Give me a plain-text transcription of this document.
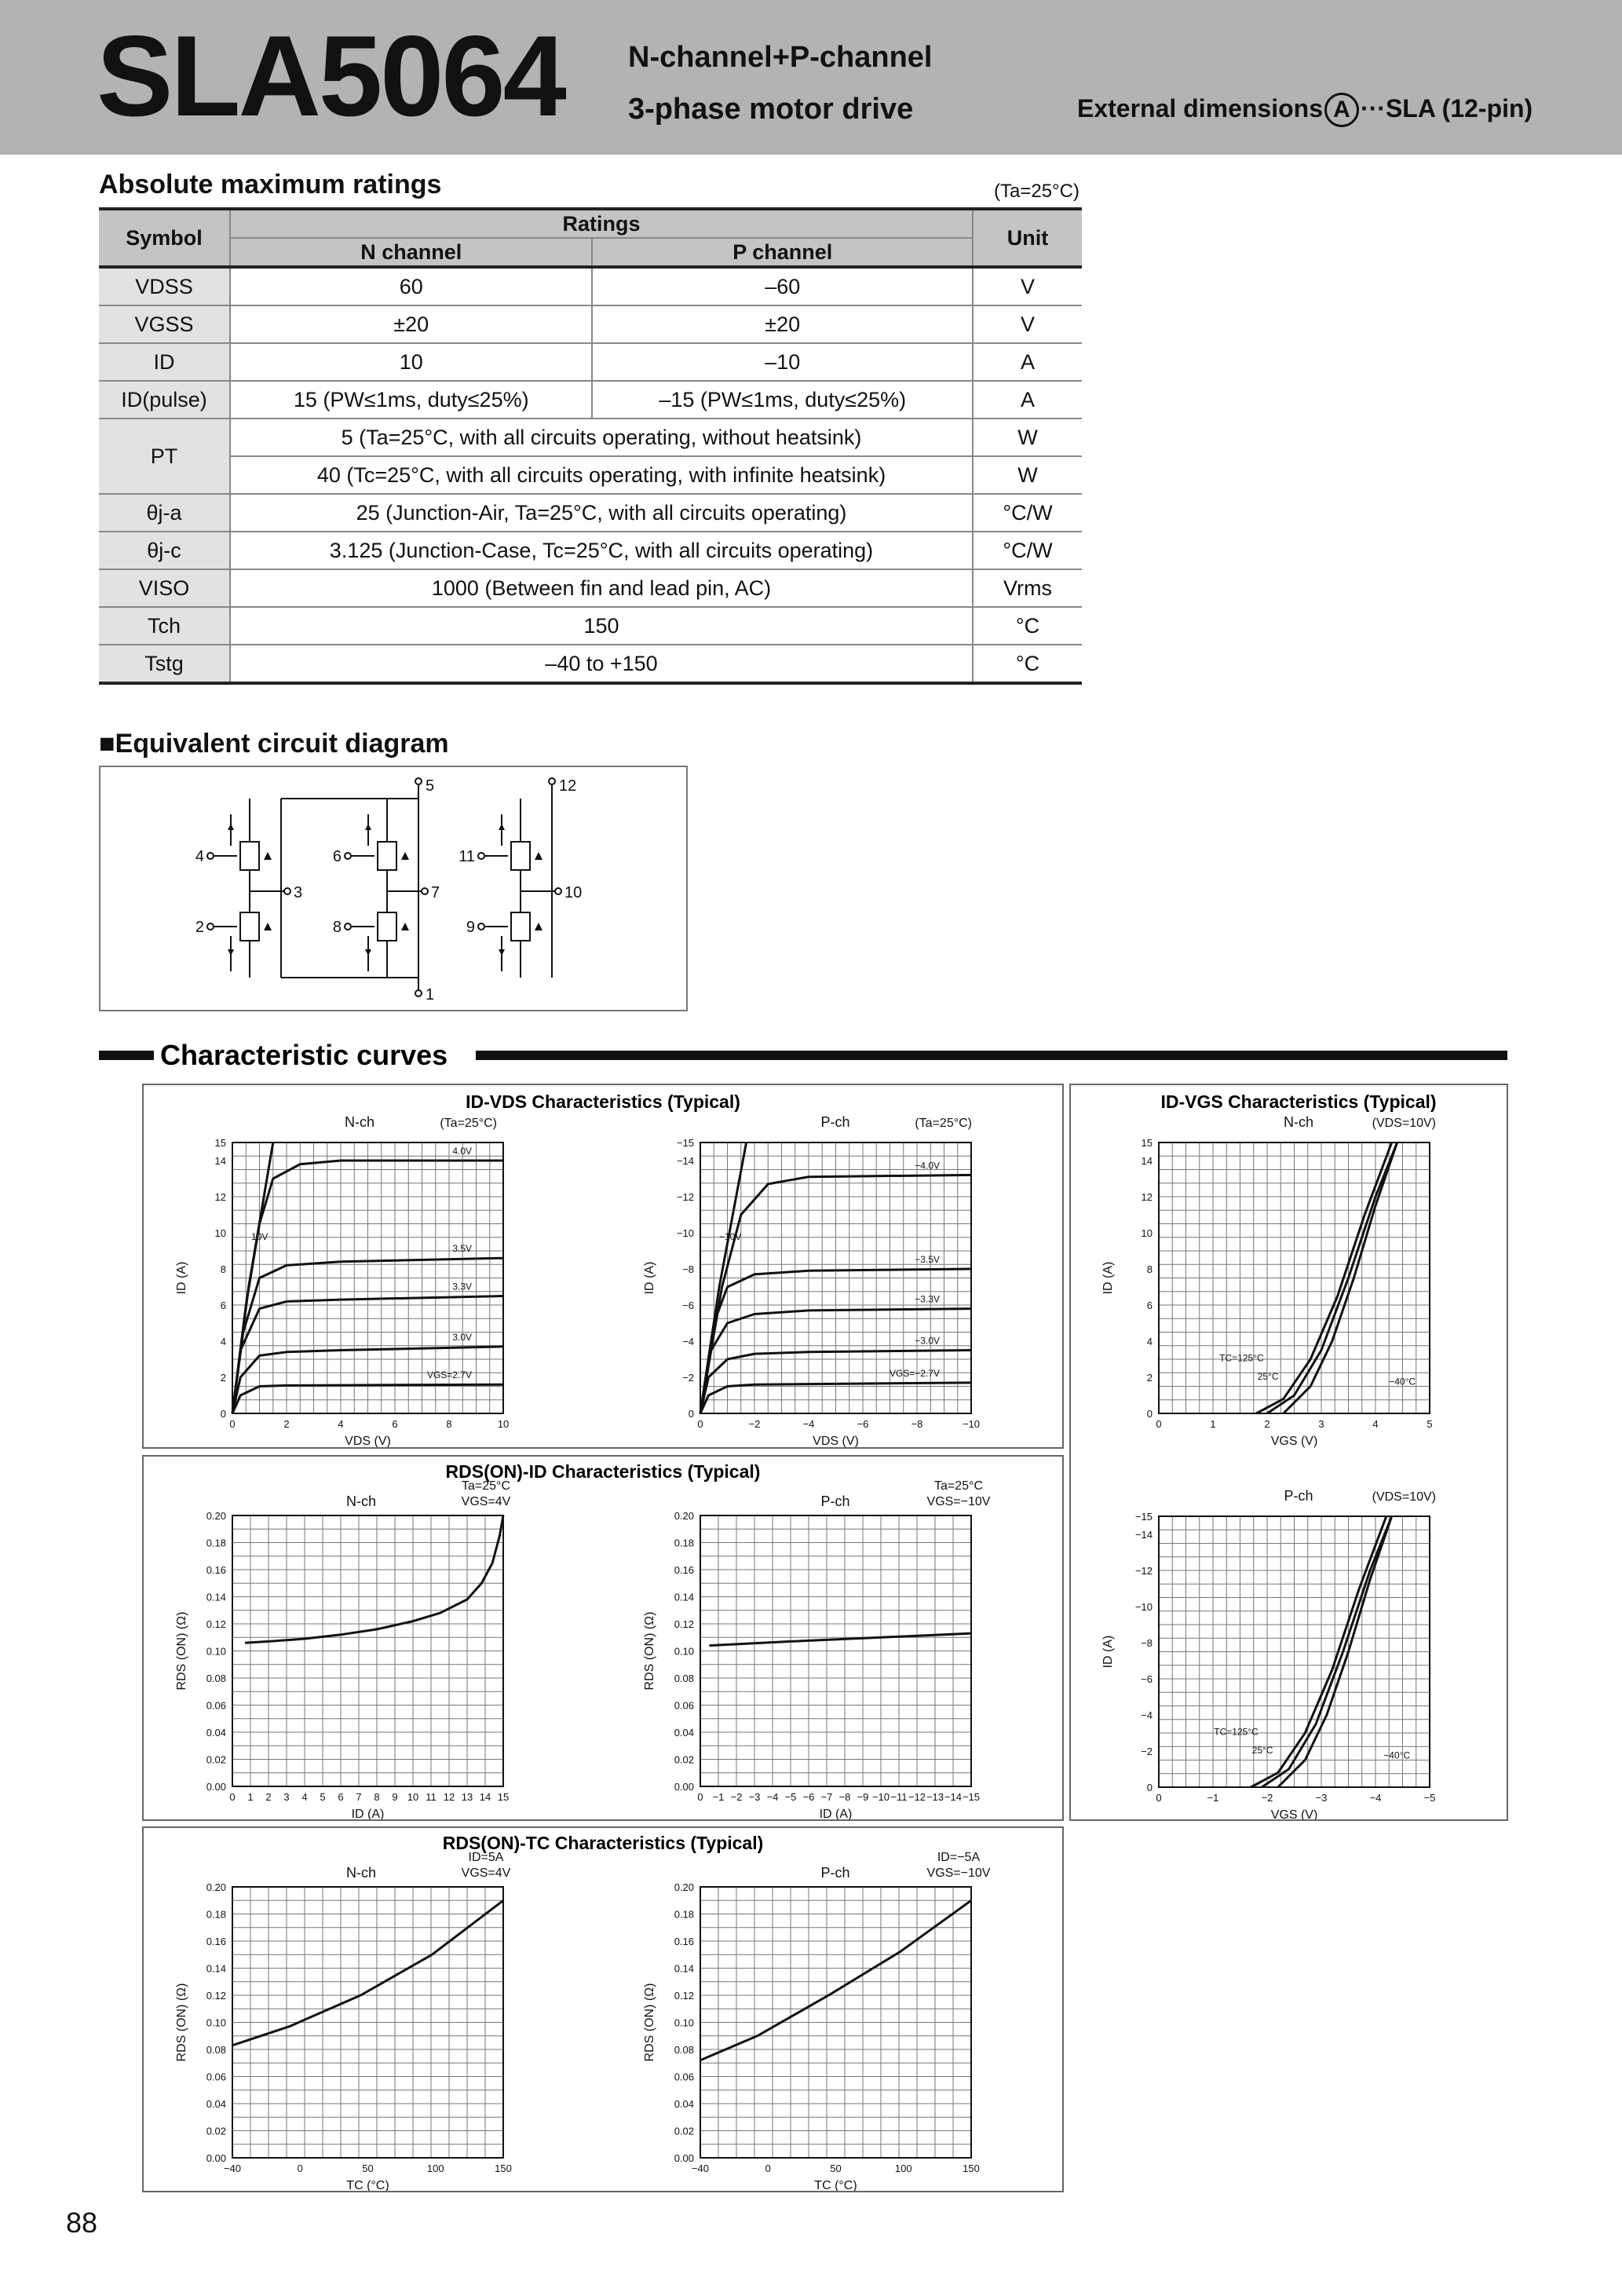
SLA5064 N-channel+P-channel
3-phase motor drive	External dimensions A ···SLA (12-pin)
Absolute maximum ratings	(Ta=25°C)
Symbol	Ratings		Unit
	N channel	P channel	
VDSS	60	–60	V
VGSS	±20	±20	V
ID	10	–10	A
ID(pulse)	15 (PW≤1ms, duty≤25%)	–15 (PW≤1ms, duty≤25%)	A
PT	5 (Ta=25°C, with all circuits operating, without heatsink)		W
	40 (Tc=25°C, with all circuits operating, with infinite heatsink)		W
θj-a	25 (Junction-Air, Ta=25°C, with all circuits operating)		°C/W
θj-c	3.125 (Junction-Case, Tc=25°C, with all circuits operating)		°C/W
VISO	1000 (Between fin and lead pin, AC)		Vrms
Tch	150		°C
Tstg	–40 to +150		°C
■Equivalent circuit diagram
5	12
1
4
2
3
6
8
7
11
9
10
Characteristic curves
ID-VDS Characteristics (Typical)
0	2	4	6	8	10
0
2
4
6
8
10
12
14
15
VDS (V)
ID (A)
N-ch	(Ta=25°C)
10V
4.0V
3.5V
3.3V
3.0V
VGS=2.7V
0	−2	−4	−6	−8	−10
0
−2
−4
−6
−8
−10
−12
−14
−15
VDS (V)
ID (A)
P-ch	(Ta=25°C)
−10V
−4.0V
−3.5V
−3.3V
−3.0V
VGS=−2.7V
ID-VGS Characteristics (Typical)
0	1	2	3	4	5
0
2
4
6
8
10
12
14
15
VGS (V)
ID (A)
N-ch	(VDS=10V)
TC=125°C
25°C	−40°C
0	−1	−2	−3	−4	−5
0
−2
−4
−6
−8
−10
−12
−14
−15
VGS (V)
ID (A)
P-ch	(VDS=10V)
TC=125°C
25°C	−40°C
RDS(ON)-ID Characteristics (Typical)
0 1 2 3 4 5 6 7 8 9 10 11 12 13 14 15
0.00
0.02
0.04
0.06
0.08
0.10
0.12
0.14
0.16
0.18
0.20
ID (A)
RDS (ON) (Ω)
N-ch
Ta=25°C
VGS=4V
0 −1 −2 −3 −4 −5 −6 −7 −8 −9 −10 −11 −12 −13 −14 −15
0.00
0.02
0.04
0.06
0.08
0.10
0.12
0.14
0.16
0.18
0.20
ID (A)
RDS (ON) (Ω)
P-ch
Ta=25°C
VGS=−10V
RDS(ON)-TC Characteristics (Typical)
−40	0	50	100	150
0.00
0.02
0.04
0.06
0.08
0.10
0.12
0.14
0.16
0.18
0.20
TC (°C)
RDS (ON) (Ω)
N-ch
ID=5A
VGS=4V
−40	0	50	100	150
0.00
0.02
0.04
0.06
0.08
0.10
0.12
0.14
0.16
0.18
0.20
TC (°C)
RDS (ON) (Ω)
P-ch
ID=−5A
VGS=−10V
88
